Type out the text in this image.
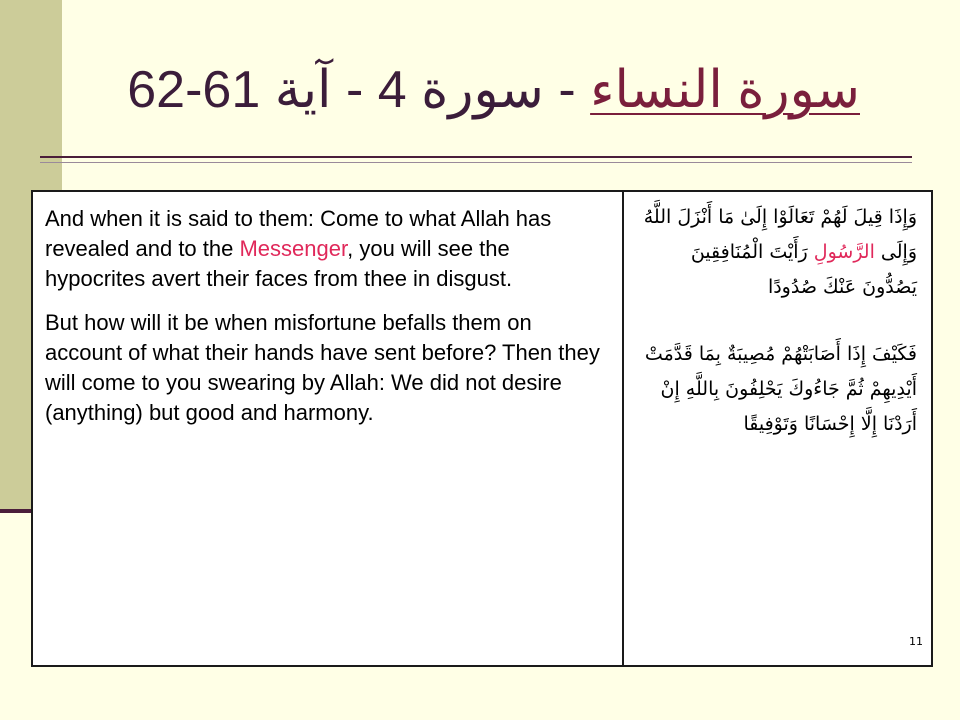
سورة النساء - سورة 4 - آية 61-62

And when it is said to them: Come to what Allah has revealed and to the Messenger, you will see the hypocrites avert their faces from thee in disgust.

But how will it be when misfortune befalls them on account of what their hands have sent before? Then they will come to you swearing by Allah: We did not desire (anything) but good and harmony.

وَإِذَا قِيلَ لَهُمْ تَعَالَوْا إِلَىٰ مَا أَنْزَلَ اللَّهُ وَإِلَى الرَّسُولِ رَأَيْتَ الْمُنَافِقِينَ يَصُدُّونَ عَنْكَ صُدُودًا

فَكَيْفَ إِذَا أَصَابَتْهُمْ مُصِيبَةٌ بِمَا قَدَّمَتْ أَيْدِيهِمْ ثُمَّ جَاءُوكَ يَحْلِفُونَ بِاللَّهِ إِنْ أَرَدْنَا إِلَّا إِحْسَانًا وَتَوْفِيقًا

11
